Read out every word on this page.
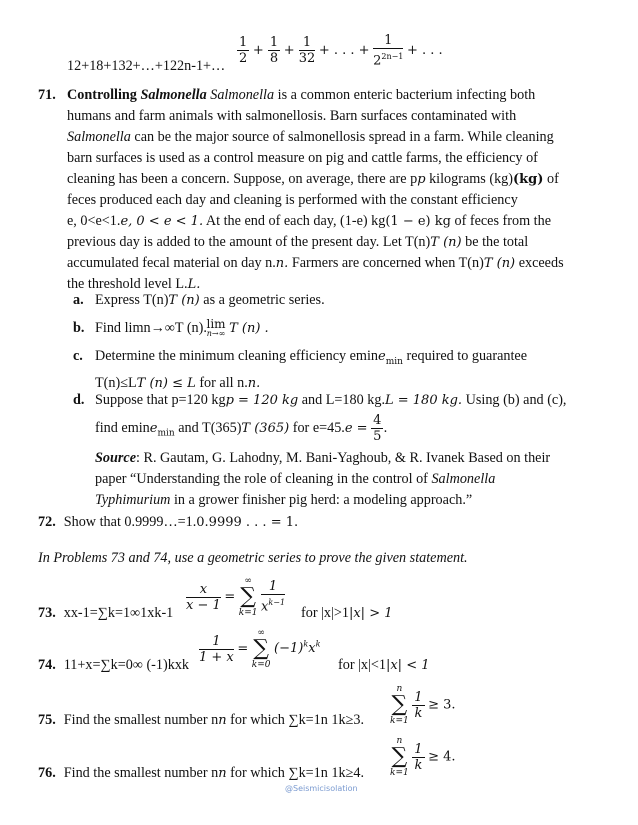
$\frac{1}{2} + \frac{1}{8} + \frac{1}{32}$ + . . . + $\frac{1}{2^{2n-1}}$ + . . .
12+18+132+…+122n-1+…
71. Controlling Salmonella Salmonella is a common enteric bacterium infecting both
humans and farm animals with salmonellosis. Barn surfaces contaminated with
Salmonella can be the major source of salmonellosis spread in a farm. While cleaning
barn surfaces is used as a control measure on pig and cattle farms, the efficiency of
cleaning has been a concern. Suppose, on average, there are pp kilograms (kg)(kg) of
feces produced each day and cleaning is performed with the constant efficiency
e, 0<e<1.e, 0 < e < 1. At the end of each day, (1-e) kg(1 − e) kg of feces from the
previous day is added to the amount of the present day. Let T(n)T (n) be the total
accumulated fecal material on day n.n. Farmers are concerned when T(n)T (n) exceeds
the threshold level L.L.
a. Express T(n)T (n) as a geometric series.
b. Find limn→∞T (n). lim
n→∞ T (n) .
c. Determine the minimum cleaning efficiency emine$_{min}$ required to guarantee
T(n)≤LT (n) ≤ L for all n.n.
d. Suppose that p=120 kgp = 120 kg and L=180 kg.L = 180 kg. Using (b) and (c),
find emine$_{min}$ and T(365)T (365) for $e=45.e = \frac{4}{5}$ .
Source: R. Gautam, G. Lahodny, M. Bani-Yaghoub, & R. Ivanek Based on their
paper “Understanding the role of cleaning in the control of Salmonella
Typhimurium in a grower finisher pig herd: a modeling approach.”
72. Show that 0.9999…=1.0.9999 . . . = 1.
In Problems 73 and 74, use a geometric series to prove the given statement.
$\frac{x}{x - 1}$ =
∞
∑
k=1
$\frac{1}{x^{k-1}}$
73. xx-1=∑k=1∞1xk-1	for |x|>1|x| > 1
$\frac{1}{1 + x}$ =
∞
∑
k=0
$(-1)^kx^k$
74. 11+x=∑k=0∞ (-1)kxk	for |x|<1|x| < 1
n
∑
k=1

$\frac{1}{k} \ge 3$.
75. Find the smallest number nn for which ∑k=1n 1k≥3.
n
∑
k=1

$\frac{1}{k} \ge 4$.
76. Find the smallest number nn for which ∑k=1n 1k≥4.
@Seismicisolation
